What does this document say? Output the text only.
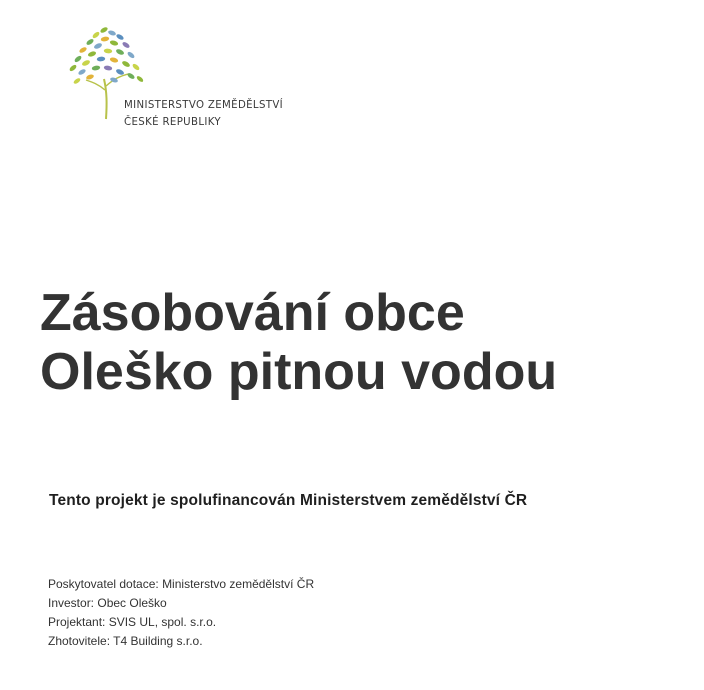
MINISTERSTVO ZEMĚDĚLSTVÍ
ČESKÉ REPUBLIKY
Zásobování obce
Oleško pitnou vodou
Tento projekt je spolufinancován Ministerstvem zemědělství ČR
Poskytovatel dotace: Ministerstvo zemědělství ČR
Investor: Obec Oleško
Projektant: SVIS UL, spol. s.r.o.
Zhotovitele: T4 Building s.r.o.
